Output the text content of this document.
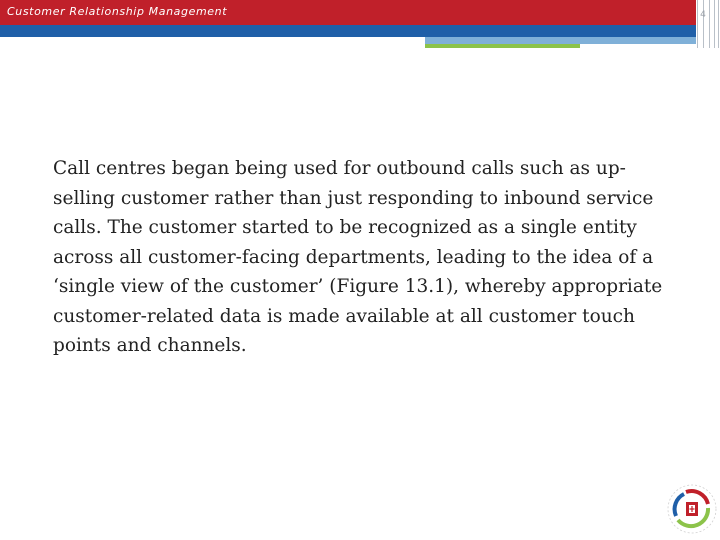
Customer Relationship Management	4

Call centres began being used for outbound calls such as up-selling customer rather than just responding to inbound service calls. The customer started to be recognized as a single entity across all customer-facing departments, leading to the idea of a ‘single view of the customer’ (Figure 13.1), whereby appropriate customer-related data is made available at all customer touch points and channels.
